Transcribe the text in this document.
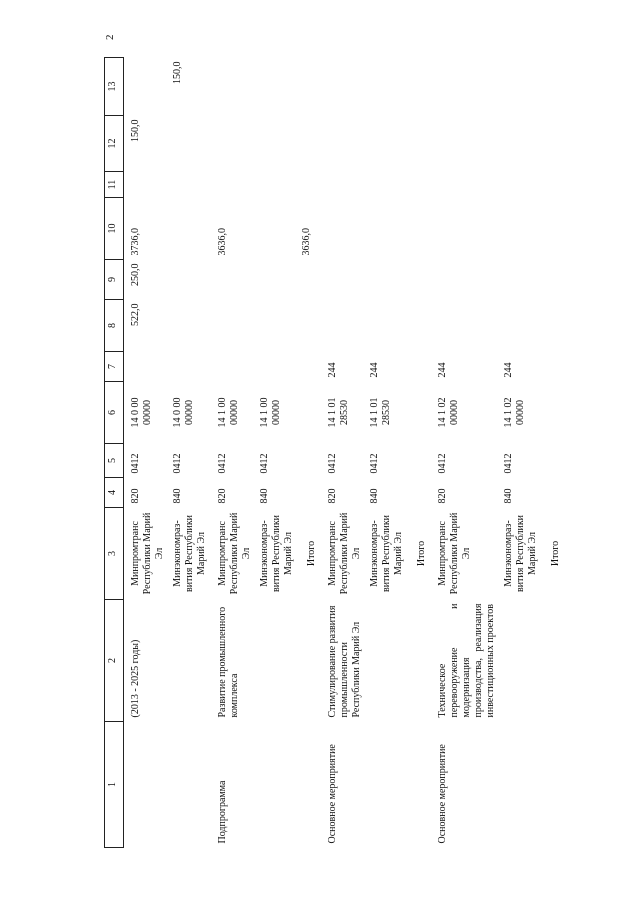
2
1	2	3	4	5	6	7	8	9	10	11	12	13
	(2013 - 2025 годы)	Минпромтранс Республики Марий Эл	820	0412	14 0 00 00000		522,0	250,0	3736,0		150,0	
		Минэкономраз-вития Республики Марий Эл	840	0412	14 0 00 00000							150,0
Подпрограмма	Развитие промышленного комплекса	Минпромтранс Республики Марий Эл	820	0412	14 1 00 00000				3636,0			
		Минэкономраз-вития Республики Марий Эл	840	0412	14 1 00 00000							
		Итого							3636,0			
Основное мероприятие	Стимулирование развития промышленности Республики Марий Эл	Минпромтранс Республики Марий Эл	820	0412	14 1 01 28530	244						
		Минэкономраз-вития Республики Марий Эл	840	0412	14 1 01 28530	244						
		Итого										
Основное мероприятие	Техническое перевооружение и модернизация производства, реализация инвестиционных проектов	Минпромтранс Республики Марий Эл	820	0412	14 1 02 00000	244						
		Минэкономраз-вития Республики Марий Эл	840	0412	14 1 02 00000	244						
		Итого										
